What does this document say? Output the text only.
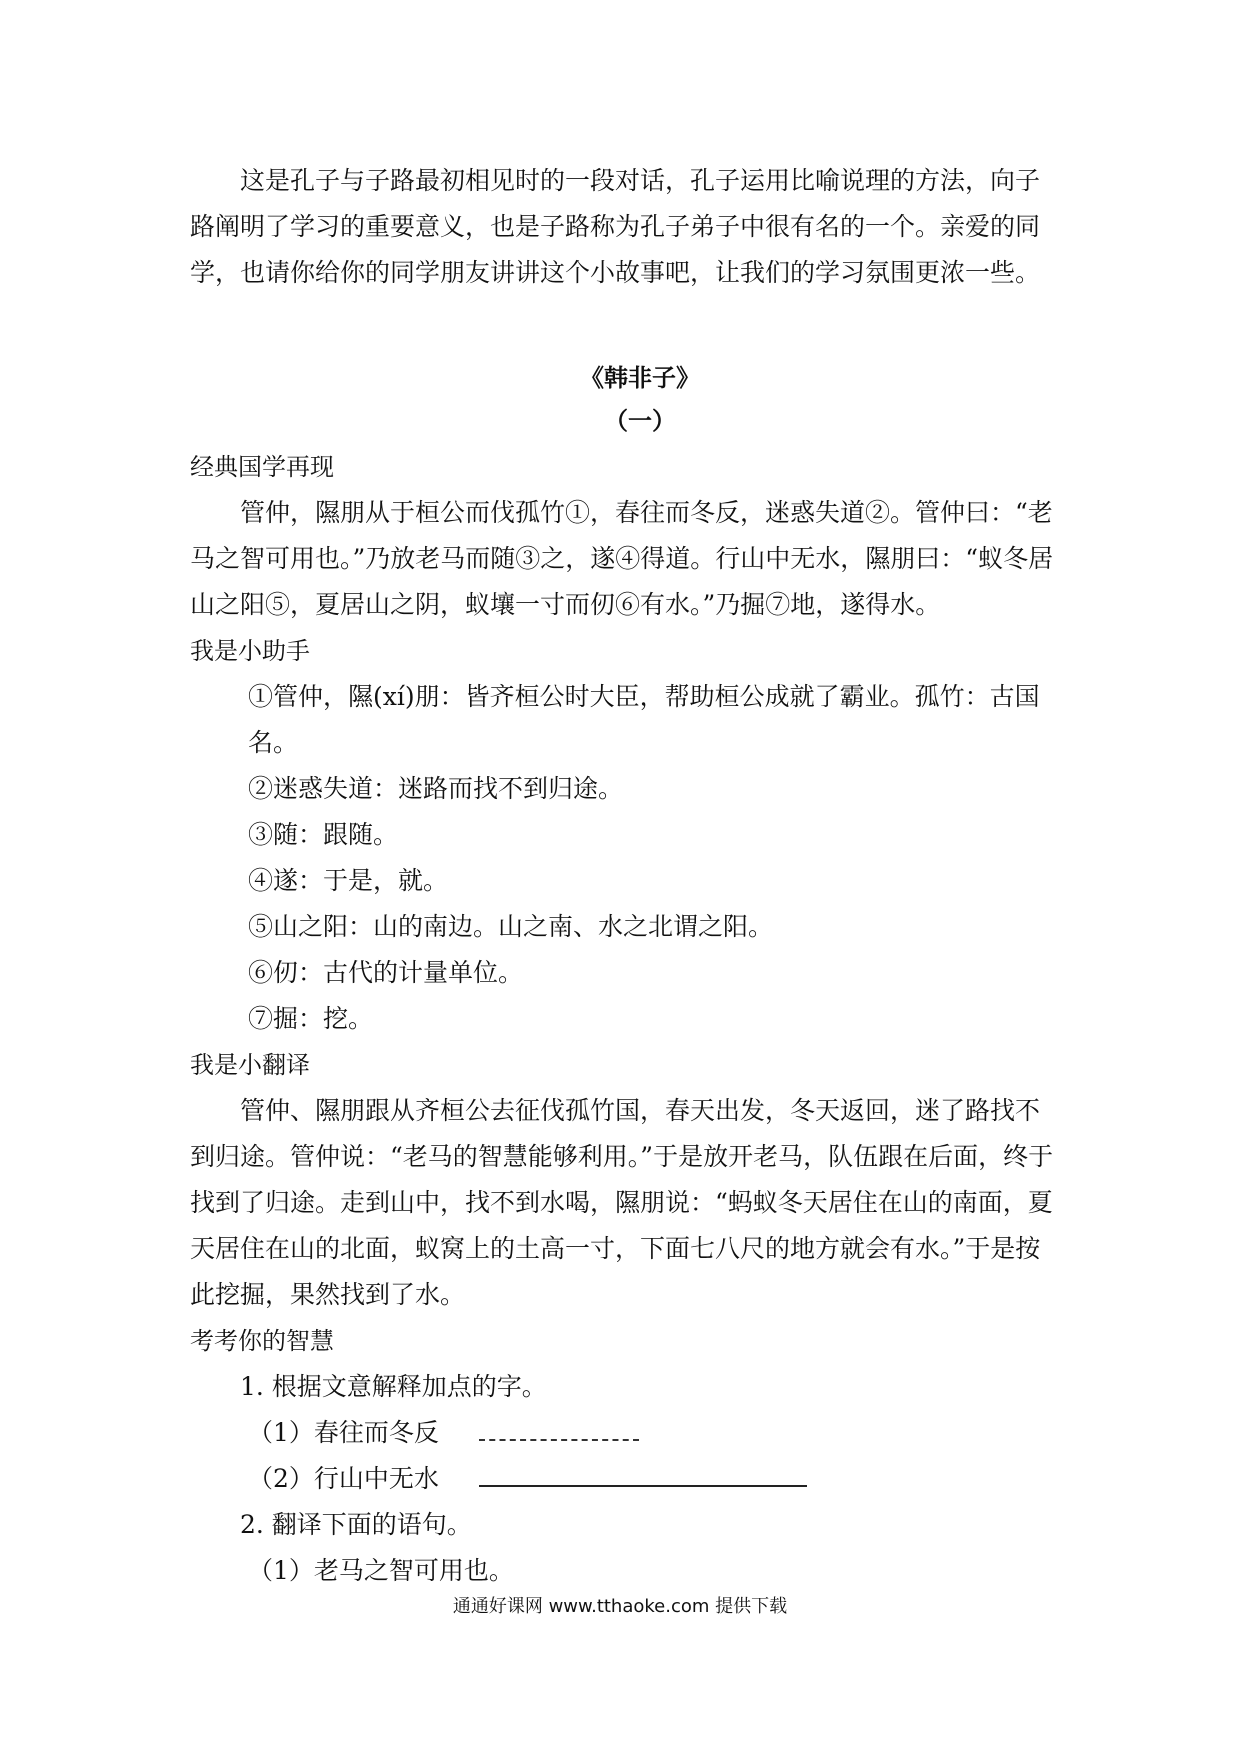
这是孔子与子路最初相见时的一段对话，孔子运用比喻说理的方法，向子路阐明了学习的重要意义，也是子路称为孔子弟子中很有名的一个。亲爱的同学，也请你给你的同学朋友讲讲这个小故事吧，让我们的学习氛围更浓一些。

《韩非子》
（一）
经典国学再现

管仲，隰朋从于桓公而伐孤竹①，春往而冬反，迷惑失道②。管仲曰：“老马之智可用也。”乃放老马而随③之，遂④得道。行山中无水，隰朋曰：“蚁冬居山之阳⑤，夏居山之阴，蚁壤一寸而仞⑥有水。”乃掘⑦地，遂得水。

我是小助手

①管仲，隰(xí)朋：皆齐桓公时大臣，帮助桓公成就了霸业。孤竹：古国名。

②迷惑失道：迷路而找不到归途。

③随：跟随。

④遂：于是，就。

⑤山之阳：山的南边。山之南、水之北谓之阳。

⑥仞：古代的计量单位。

⑦掘：挖。

我是小翻译

管仲、隰朋跟从齐桓公去征伐孤竹国，春天出发，冬天返回，迷了路找不到归途。管仲说：“老马的智慧能够利用。”于是放开老马，队伍跟在后面，终于找到了归途。走到山中，找不到水喝，隰朋说：“蚂蚁冬天居住在山的南面，夏天居住在山的北面，蚁窝上的土高一寸，下面七八尺的地方就会有水。”于是按此挖掘，果然找到了水。

考考你的智慧

1. 根据文意解释加点的字。

（1）春往而冬反

（2）行山中无水

2. 翻译下面的语句。

（1）老马之智可用也。

通通好课网 www.tthaoke.com 提供下载
